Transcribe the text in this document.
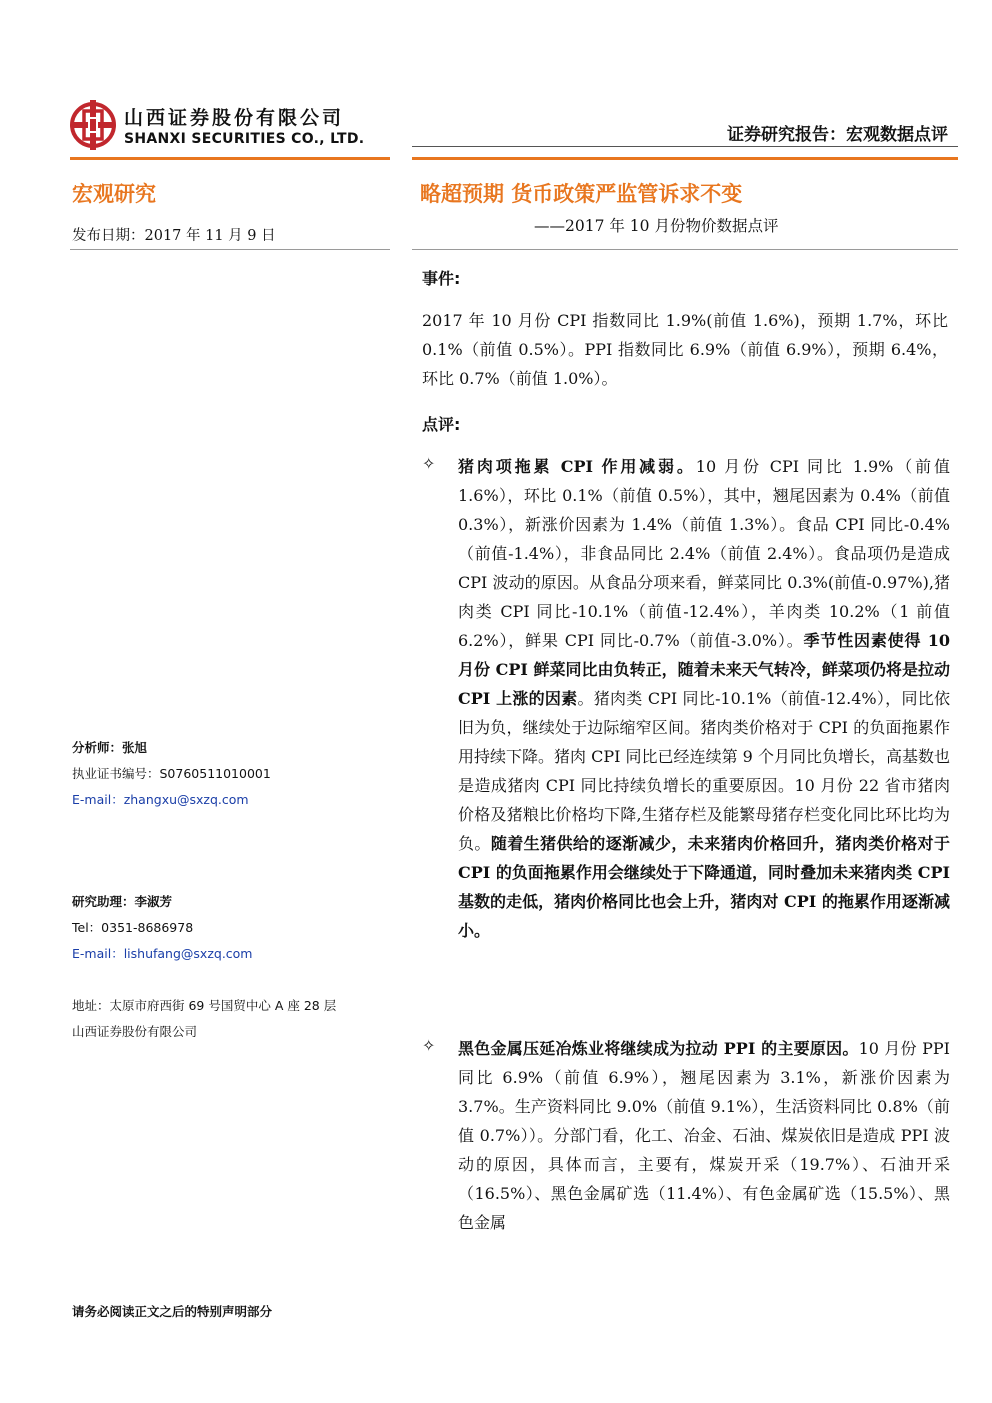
山西证券股份有限公司
SHANXI SECURITIES CO., LTD.	证券研究报告：宏观数据点评
宏观研究
发布日期：2017 年 11 月 9 日
分析师：张旭
执业证书编号：S0760511010001
E-mail：zhangxu@sxzq.com
研究助理：李淑芳
Tel：0351-8686978
E-mail：lishufang@sxzq.com
地址：太原市府西街 69 号国贸中心 A 座 28 层
山西证券股份有限公司
略超预期 货币政策严监管诉求不变
——2017 年 10 月份物价数据点评
事件:
2017 年 10 月份 CPI 指数同比 1.9%(前值 1.6%)，预期 1.7%，环比 0.1%（前值 0.5%）。PPI 指数同比 6.9%（前值 6.9%），预期 6.4%，环比 0.7%（前值 1.0%）。
点评:
✧ 猪肉项拖累 CPI 作用减弱。10 月份 CPI 同比 1.9%（前值 1.6%），环比 0.1%（前值 0.5%），其中，翘尾因素为 0.4%（前值 0.3%），新涨价因素为 1.4%（前值 1.3%）。食品 CPI 同比-0.4%（前值-1.4%），非食品同比 2.4%（前值 2.4%）。食品项仍是造成 CPI 波动的原因。从食品分项来看，鲜菜同比 0.3%(前值-0.97%),猪肉类 CPI 同比-10.1%（前值-12.4%），羊肉类 10.2%（1 前值 6.2%），鲜果 CPI 同比-0.7%（前值-3.0%）。季节性因素使得 10 月份 CPI 鲜菜同比由负转正，随着未来天气转冷，鲜菜项仍将是拉动 CPI 上涨的因素。猪肉类 CPI 同比-10.1%（前值-12.4%），同比依旧为负，继续处于边际缩窄区间。猪肉类价格对于 CPI 的负面拖累作用持续下降。猪肉 CPI 同比已经连续第 9 个月同比负增长，高基数也是造成猪肉 CPI 同比持续负增长的重要原因。10 月份 22 省市猪肉价格及猪粮比价格均下降,生猪存栏及能繁母猪存栏变化同比环比均为负。随着生猪供给的逐渐减少，未来猪肉价格回升，猪肉类价格对于 CPI 的负面拖累作用会继续处于下降通道，同时叠加未来猪肉类 CPI 基数的走低，猪肉价格同比也会上升，猪肉对 CPI 的拖累作用逐渐减小。
✧ 黑色金属压延冶炼业将继续成为拉动 PPI 的主要原因。10 月份 PPI 同比 6.9%（前值 6.9%），翘尾因素为 3.1%，新涨价因素为 3.7%。生产资料同比 9.0%（前值 9.1%），生活资料同比 0.8%（前值 0.7%））。分部门看，化工、冶金、石油、煤炭依旧是造成 PPI 波动的原因，具体而言，主要有，煤炭开采（19.7%）、石油开采（16.5%）、黑色金属矿选（11.4%）、有色金属矿选（15.5%）、黑色金属
请务必阅读正文之后的特别声明部分
